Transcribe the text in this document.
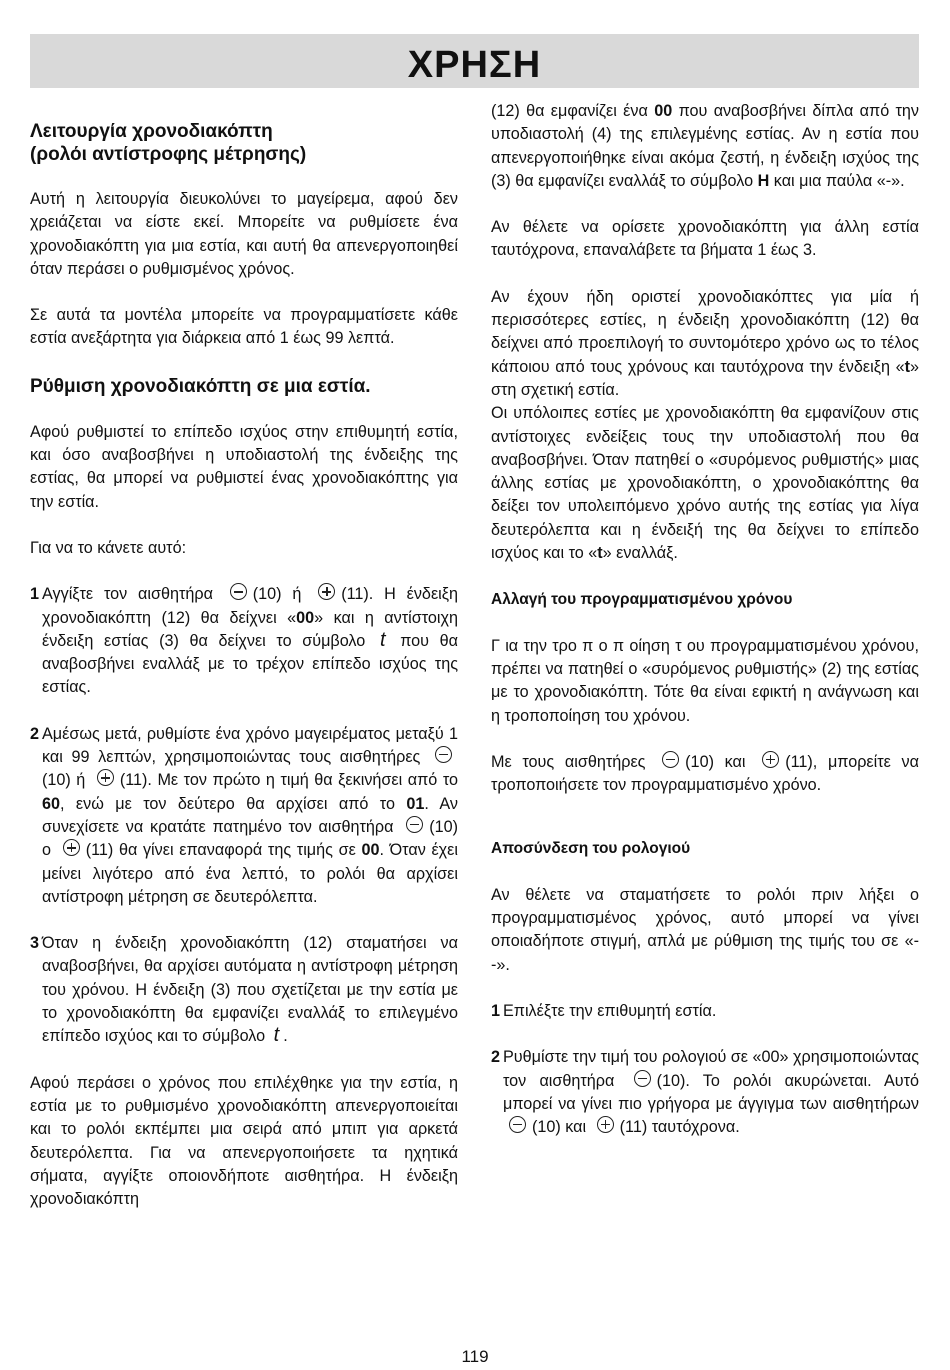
ΧΡΗΣΗ

Λειτουργία χρονοδιακόπτη
(ρολόι αντίστροφης μέτρησης)

Αυτή η λειτουργία διευκολύνει το μαγείρεμα, αφού δεν χρειάζεται να είστε εκεί. Μπορείτε να ρυθμίσετε ένα χρονοδιακόπτη για μια εστία, και αυτή θα απενεργοποιηθεί όταν περάσει ο ρυθμισμένος χρόνος.

Σε αυτά τα μοντέλα μπορείτε να προγραμματίσετε κάθε εστία ανεξάρτητα για διάρκεια από 1 έως 99 λεπτά.

Ρύθμιση χρονοδιακόπτη σε μια εστία.

Αφού ρυθμιστεί το επίπεδο ισχύος στην επιθυμητή εστία, και όσο αναβοσβήνει η υποδιαστολή της ένδειξης της εστίας, θα μπορεί να ρυθμιστεί ένας χρονοδιακόπτης για την εστία.

Για να το κάνετε αυτό:

1 Αγγίξτε τον αισθητήρα (10) ή (11). Η ένδειξη χρονοδιακόπτη (12) θα δείχνει «00» και η αντίστοιχη ένδειξη εστίας (3) θα δείχνει το σύμβολο t που θα αναβοσβήνει εναλλάξ με το τρέχον επίπεδο ισχύος της εστίας.

2 Αμέσως μετά, ρυθμίστε ένα χρόνο μαγειρέματος μεταξύ 1 και 99 λεπτών, χρησιμοποιώντας τους αισθητήρες (10) ή (11). Με τον πρώτο η τιμή θα ξεκινήσει από το 60, ενώ με τον δεύτερο θα αρχίσει από το 01. Αν συνεχίσετε να κρατάτε πατημένο τον αισθητήρα (10) ο (11) θα γίνει επαναφορά της τιμής σε 00. Όταν έχει μείνει λιγότερο από ένα λεπτό, το ρολόι θα αρχίσει αντίστροφη μέτρηση σε δευτερόλεπτα.

3 Όταν η ένδειξη χρονοδιακόπτη (12) σταματήσει να αναβοσβήνει, θα αρχίσει αυτόματα η αντίστροφη μέτρηση του χρόνου. Η ένδειξη (3) που σχετίζεται με την εστία με το χρονοδιακόπτη θα εμφανίζει εναλλάξ το επιλεγμένο επίπεδο ισχύος και το σύμβολο t .

Αφού περάσει ο χρόνος που επιλέχθηκε για την εστία, η εστία με το ρυθμισμένο χρονοδιακόπτη απενεργοποιείται και το ρολόι εκπέμπει μια σειρά από μπιπ για αρκετά δευτερόλεπτα. Για να απενεργοποιήσετε τα ηχητικά σήματα, αγγίξτε οποιονδήποτε αισθητήρα. Η ένδειξη χρονοδιακόπτη

(12) θα εμφανίζει ένα 00 που αναβοσβήνει δίπλα από την υποδιαστολή (4) της επιλεγμένης εστίας. Αν η εστία που απενεργοποιήθηκε είναι ακόμα ζεστή, η ένδειξη ισχύος της (3) θα εμφανίζει εναλλάξ το σύμβολο H και μια παύλα «-».

Αν θέλετε να ορίσετε χρονοδιακόπτη για άλλη εστία ταυτόχρονα, επαναλάβετε τα βήματα 1 έως 3.

Αν έχουν ήδη οριστεί χρονοδιακόπτες για μία ή περισσότερες εστίες, η ένδειξη χρονοδιακόπτη (12) θα δείχνει από προεπιλογή το συντομότερο χρόνο ως το τέλος κάποιου από τους χρόνους και ταυτόχρονα την ένδειξη «t» στη σχετική εστία.

Οι υπόλοιπες εστίες με χρονοδιακόπτη θα εμφανίζουν στις αντίστοιχες ενδείξεις τους την υποδιαστολή που θα αναβοσβήνει. Όταν πατηθεί ο «συρόμενος ρυθμιστής» μιας άλλης εστίας με χρονοδιακόπτη, ο χρονοδιακόπτης θα δείξει τον υπολειπόμενο χρόνο αυτής της εστίας για λίγα δευτερόλεπτα και η ένδειξή της θα δείχνει το επίπεδο ισχύος και το «t» εναλλάξ.

Αλλαγή του προγραμματισμένου χρόνου

Γ ια την τρο π ο π οίηση τ ου προγραμματισμένου χρόνου, πρέπει να πατηθεί ο «συρόμενος ρυθμιστής» (2) της εστίας με το χρονοδιακόπτη. Τότε θα είναι εφικτή η ανάγνωση και η τροποποίηση του χρόνου.

Με τους αισθητήρες (10) και (11), μπορείτε να τροποποιήσετε τον προγραμματισμένο χρόνο.

Αποσύνδεση του ρολογιού

Αν θέλετε να σταματήσετε το ρολόι πριν λήξει ο προγραμματισμένος χρόνος, αυτό μπορεί να γίνει οποιαδήποτε στιγμή, απλά με ρύθμιση της τιμής του σε «--».

1 Επιλέξτε την επιθυμητή εστία.

2 Ρυθμίστε την τιμή του ρολογιού σε «00» χρησιμοποιώντας τον αισθητήρα	(10). Το ρολόι ακυρώνεται. Αυτό μπορεί να γίνει πιο γρήγορα με άγγιγμα των αισθητήρων (10) και (11) ταυτόχρονα.

119
